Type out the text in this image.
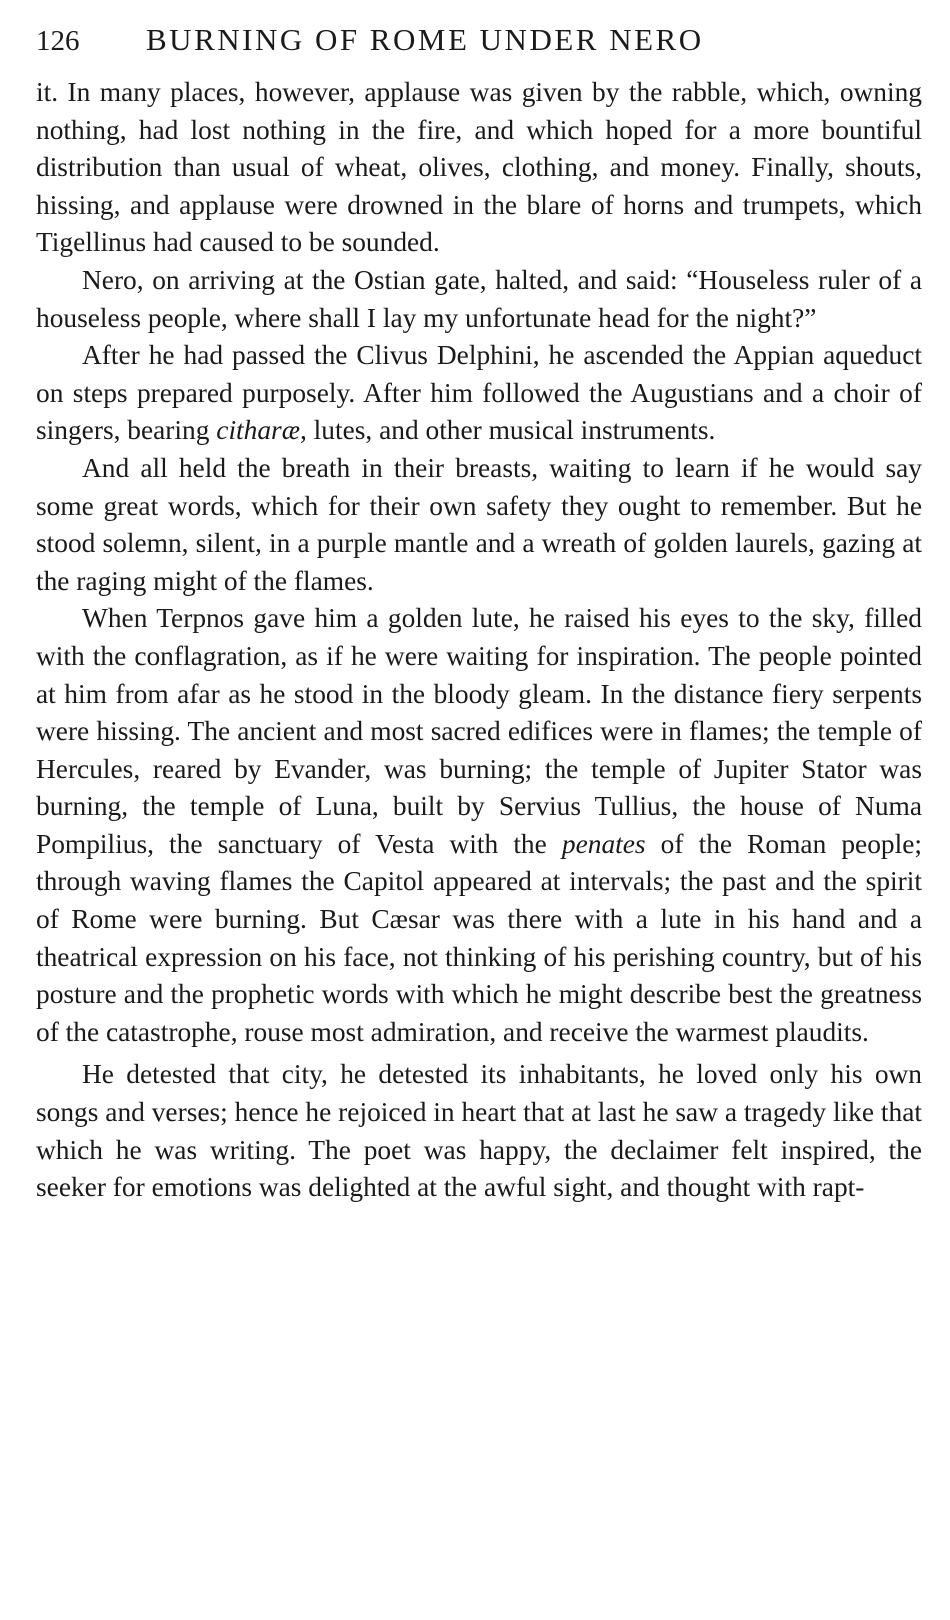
126	BURNING OF ROME UNDER NERO

it. In many places, however, applause was given by the rabble, which, owning nothing, had lost nothing in the fire, and which hoped for a more bountiful distribution than usual of wheat, olives, clothing, and money. Finally, shouts, hissing, and applause were drowned in the blare of horns and trumpets, which Tigellinus had caused to be sounded.

Nero, on arriving at the Ostian gate, halted, and said: “Houseless ruler of a houseless people, where shall I lay my unfortunate head for the night?”

After he had passed the Clivus Delphini, he ascended the Appian aqueduct on steps prepared purposely. After him followed the Augustians and a choir of singers, bearing citharæ, lutes, and other musical instruments.

And all held the breath in their breasts, waiting to learn if he would say some great words, which for their own safety they ought to remember. But he stood solemn, silent, in a purple mantle and a wreath of golden laurels, gazing at the raging might of the flames.

When Terpnos gave him a golden lute, he raised his eyes to the sky, filled with the conflagration, as if he were waiting for inspiration. The people pointed at him from afar as he stood in the bloody gleam. In the distance fiery serpents were hissing. The ancient and most sacred edifices were in flames; the temple of Hercules, reared by Evander, was burning; the temple of Jupiter Stator was burning, the temple of Luna, built by Servius Tullius, the house of Numa Pompilius, the sanctuary of Vesta with the penates of the Roman people; through waving flames the Capitol appeared at intervals; the past and the spirit of Rome were burning. But Cæsar was there with a lute in his hand and a theatrical expression on his face, not thinking of his perishing country, but of his posture and the prophetic words with which he might describe best the greatness of the catastrophe, rouse most admiration, and receive the warmest plaudits.

He detested that city, he detested its inhabitants, he loved only his own songs and verses; hence he rejoiced in heart that at last he saw a tragedy like that which he was writing. The poet was happy, the declaimer felt inspired, the seeker for emotions was delighted at the awful sight, and thought with rapt-
